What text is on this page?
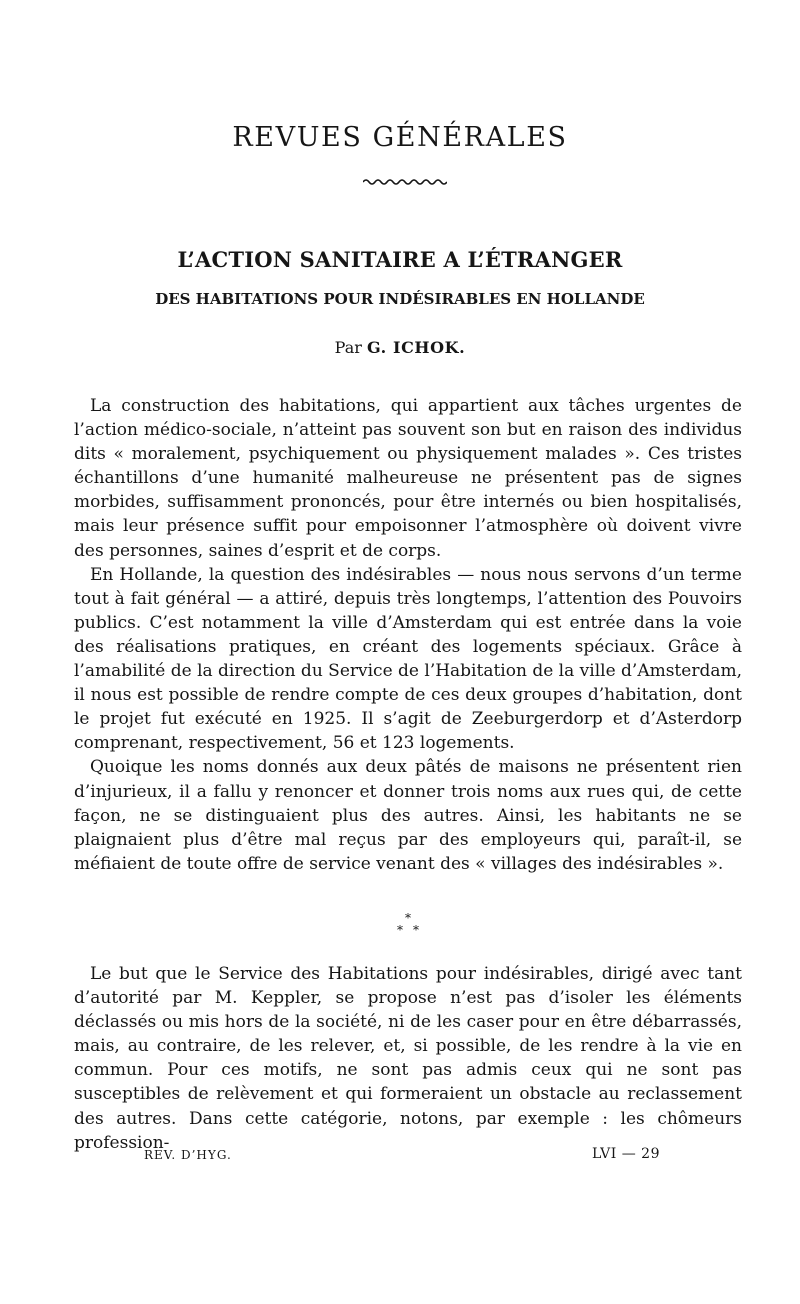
REVUES GÉNÉRALES
L’ACTION SANITAIRE A L’ÉTRANGER
DES HABITATIONS POUR INDÉSIRABLES EN HOLLANDE
Par G. ICHOK.

La construction des habitations, qui appartient aux tâches urgentes de l’action médico-sociale, n’atteint pas souvent son but en raison des individus dits « moralement, psychiquement ou physiquement malades ». Ces tristes échantillons d’une humanité malheureuse ne présentent pas de signes morbides, suffisamment prononcés, pour être internés ou bien hospitalisés, mais leur présence suffit pour empoisonner l’atmosphère où doivent vivre des personnes, saines d’esprit et de corps.

En Hollande, la question des indésirables — nous nous servons d’un terme tout à fait général — a attiré, depuis très longtemps, l’attention des Pouvoirs publics. C’est notamment la ville d’Amsterdam qui est entrée dans la voie des réalisations pratiques, en créant des logements spéciaux. Grâce à l’amabilité de la direction du Service de l’Habitation de la ville d’Amsterdam, il nous est possible de rendre compte de ces deux groupes d’habitation, dont le projet fut exécuté en 1925. Il s’agit de Zeeburgerdorp et d’Asterdorp comprenant, respectivement, 56 et 123 logements.

Quoique les noms donnés aux deux pâtés de maisons ne présentent rien d’injurieux, il a fallu y renoncer et donner trois noms aux rues qui, de cette façon, ne se distinguaient plus des autres. Ainsi, les habitants ne se plaignaient plus d’être mal reçus par des employeurs qui, paraît-il, se méfiaient de toute offre de service venant des « villages des indésirables ».

*
* *

Le but que le Service des Habitations pour indésirables, dirigé avec tant d’autorité par M. Keppler, se propose n’est pas d’isoler les éléments déclassés ou mis hors de la société, ni de les caser pour en être débarrassés, mais, au contraire, de les relever, et, si possible, de les rendre à la vie en commun. Pour ces motifs, ne sont pas admis ceux qui ne sont pas susceptibles de relèvement et qui formeraient un obstacle au reclassement des autres. Dans cette catégorie, notons, par exemple : les chômeurs profession-

REV. D’HYG.	LVI — 29
